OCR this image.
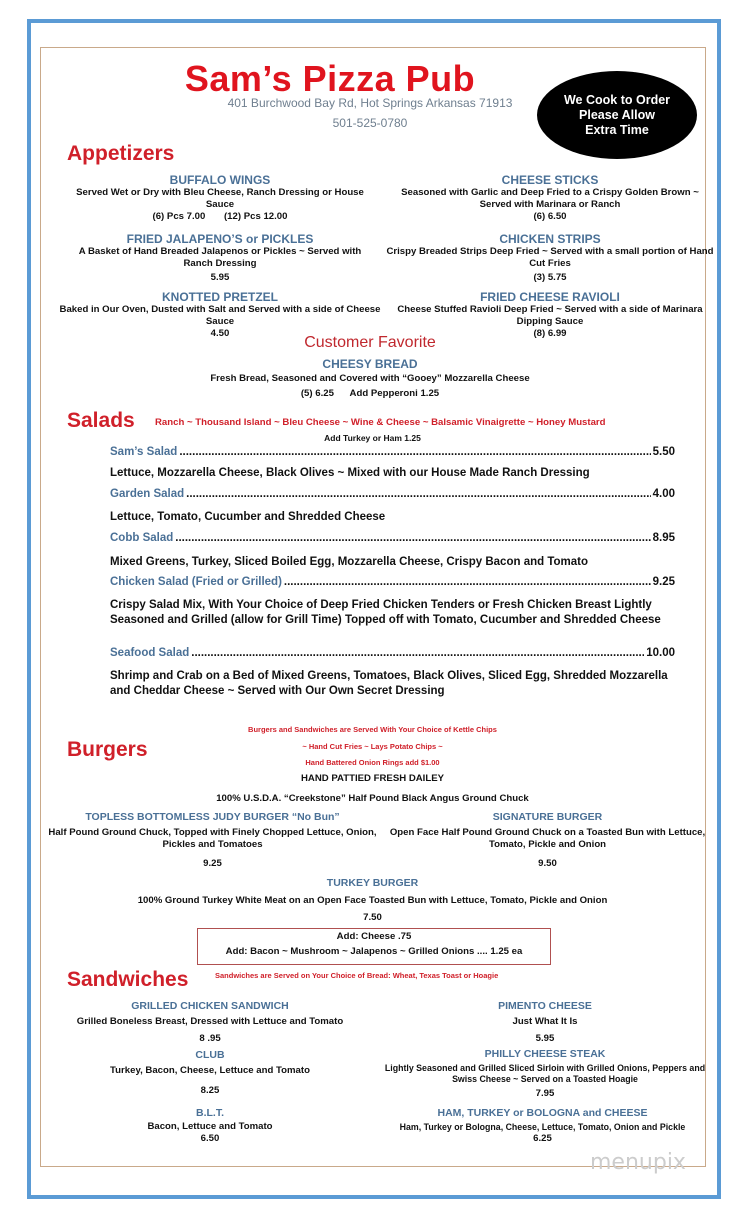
Sam’s Pizza Pub
401 Burchwood Bay Rd, Hot Springs Arkansas 71913
501-525-0780
We Cook to Order
Please Allow
Extra Time
Appetizers
BUFFALO WINGS
Served Wet or Dry with Bleu Cheese, Ranch Dressing or House Sauce
(6) Pcs 7.00       (12) Pcs 12.00
CHEESE STICKS
Seasoned with Garlic and Deep Fried to a Crispy Golden Brown ~ Served with Marinara or Ranch
(6) 6.50
FRIED JALAPENO’S or PICKLES
A Basket of Hand Breaded Jalapenos or Pickles ~ Served with Ranch Dressing
5.95
CHICKEN STRIPS
Crispy Breaded Strips Deep Fried ~ Served with a small portion of Hand Cut Fries
(3) 5.75
KNOTTED PRETZEL
Baked in Our Oven, Dusted with Salt and Served with a side of Cheese Sauce
4.50
FRIED CHEESE RAVIOLI
Cheese Stuffed Ravioli Deep Fried ~ Served with a side of Marinara Dipping Sauce
(8) 6.99
Customer Favorite
CHEESY BREAD
Fresh Bread, Seasoned and Covered with “Gooey” Mozzarella Cheese
(5) 6.25      Add Pepperoni 1.25
Salads Ranch ~ Thousand Island ~ Bleu Cheese ~ Wine & Cheese ~ Balsamic Vinaigrette ~ Honey Mustard
Add Turkey or Ham 1.25
Sam’s Salad .....	5.50
Lettuce, Mozzarella Cheese, Black Olives ~ Mixed with our House Made Ranch Dressing
Garden Salad .....	4.00
Lettuce, Tomato, Cucumber and Shredded Cheese
Cobb Salad .....	8.95
Mixed Greens, Turkey, Sliced Boiled Egg, Mozzarella Cheese, Crispy Bacon and Tomato
Chicken Salad (Fried or Grilled) .....	9.25
Crispy Salad Mix, With Your Choice of Deep Fried Chicken Tenders or Fresh Chicken Breast Lightly Seasoned and Grilled (allow for Grill Time) Topped off with Tomato, Cucumber and Shredded Cheese
Seafood Salad .....	10.00
Shrimp and Crab on a Bed of Mixed Greens, Tomatoes, Black Olives, Sliced Egg, Shredded Mozzarella and Cheddar Cheese ~ Served with Our Own Secret Dressing
Burgers
Burgers and Sandwiches are Served With Your Choice of Kettle Chips
~ Hand Cut Fries ~ Lays Potato Chips ~
Hand Battered Onion Rings add $1.00
HAND PATTIED FRESH DAILEY
100% U.S.D.A. “Creekstone” Half Pound Black Angus Ground Chuck
TOPLESS BOTTOMLESS JUDY BURGER “No Bun”
Half Pound Ground Chuck, Topped with Finely Chopped Lettuce, Onion, Pickles and Tomatoes
9.25
SIGNATURE BURGER
Open Face Half Pound Ground Chuck on a Toasted Bun with Lettuce, Tomato, Pickle and Onion
9.50
TURKEY BURGER
100% Ground Turkey White Meat on an Open Face Toasted Bun with Lettuce, Tomato, Pickle and Onion
7.50
Add: Cheese .75
Add: Bacon ~ Mushroom ~ Jalapenos ~ Grilled Onions .... 1.25 ea
Sandwiches	Sandwiches are Served on Your Choice of Bread: Wheat, Texas Toast or Hoagie
GRILLED CHICKEN SANDWICH
Grilled Boneless Breast, Dressed with Lettuce and Tomato
8 .95
PIMENTO CHEESE
Just What It Is
5.95
CLUB
Turkey, Bacon, Cheese, Lettuce and Tomato
8.25
PHILLY CHEESE STEAK
Lightly Seasoned and Grilled Sliced Sirloin with Grilled Onions, Peppers and Swiss Cheese ~ Served on a Toasted Hoagie
7.95
B.L.T.
Bacon, Lettuce and Tomato
6.50
HAM, TURKEY or BOLOGNA and CHEESE
Ham, Turkey or Bologna, Cheese, Lettuce, Tomato, Onion and Pickle
6.25
menupix
